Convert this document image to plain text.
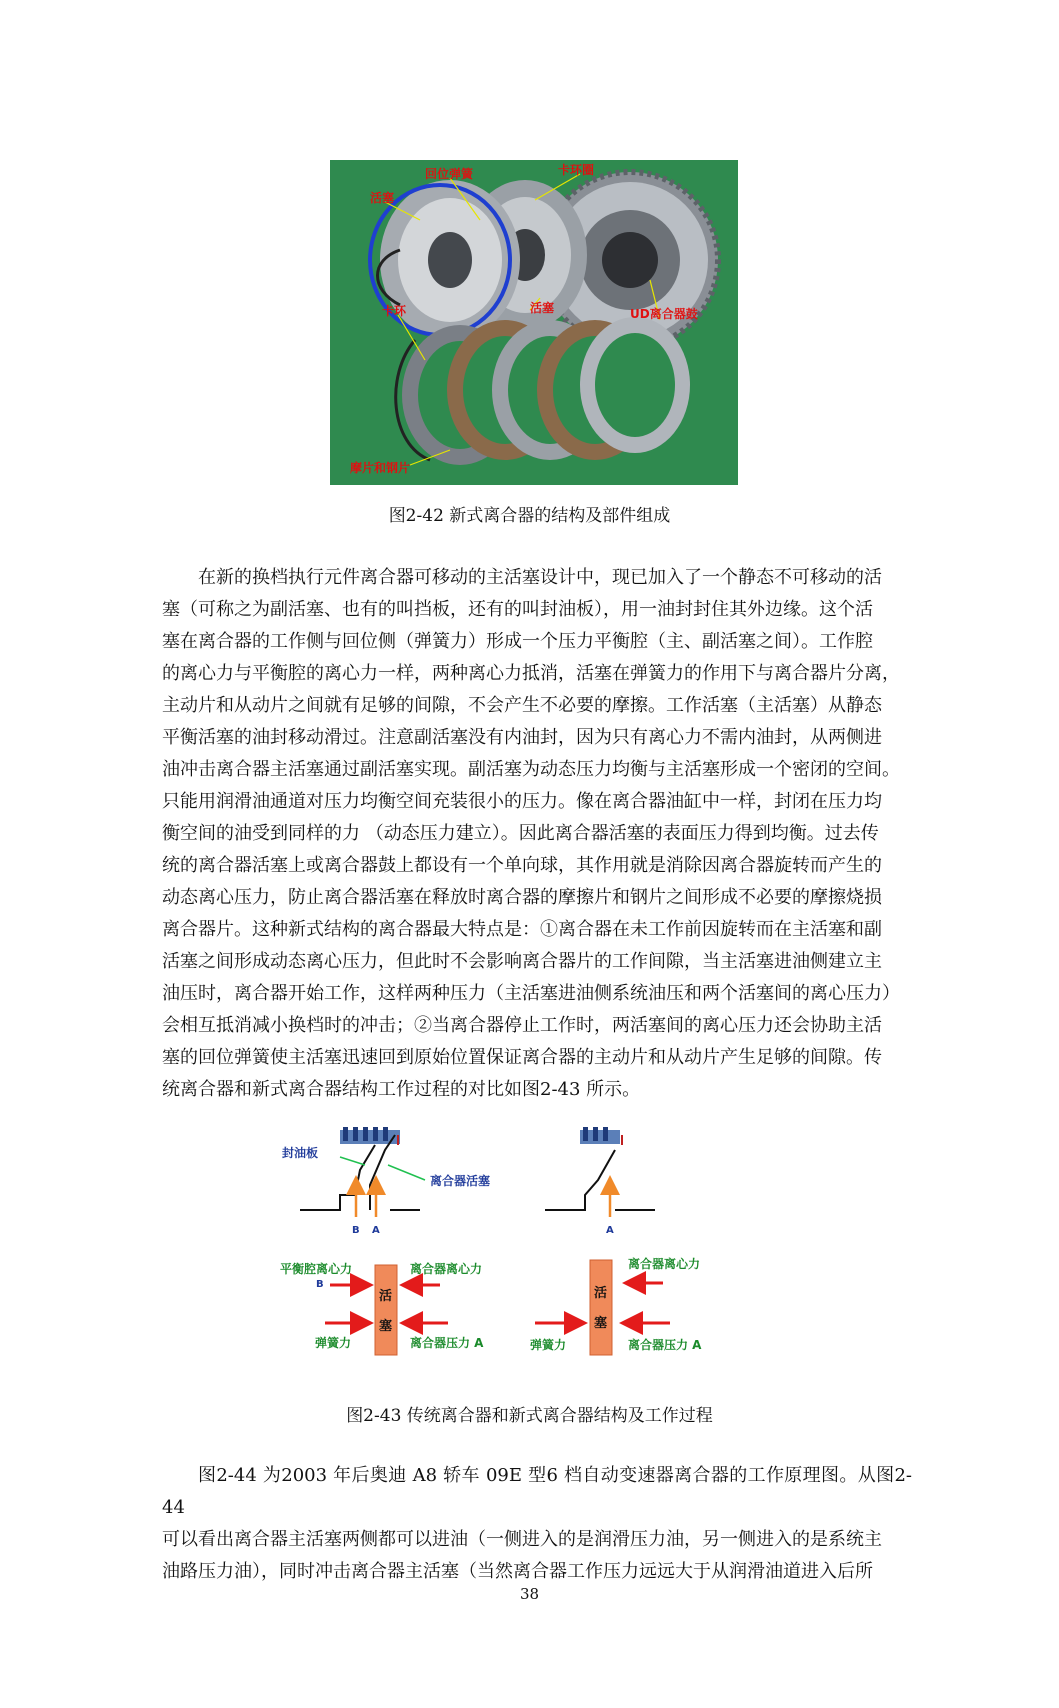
回位弹簧	卡环圈
活塞
卡环	活塞	UD离合器鼓
摩片和钢片
图2-42 新式离合器的结构及部件组成

在新的换档执行元件离合器可移动的主活塞设计中，现已加入了一个静态不可移动的活

塞（可称之为副活塞、也有的叫挡板，还有的叫封油板），用一油封封住其外边缘。这个活

塞在离合器的工作侧与回位侧（弹簧力）形成一个压力平衡腔（主、副活塞之间）。工作腔

的离心力与平衡腔的离心力一样，两种离心力抵消，活塞在弹簧力的作用下与离合器片分离，

主动片和从动片之间就有足够的间隙，不会产生不必要的摩擦。工作活塞（主活塞）从静态

平衡活塞的油封移动滑过。注意副活塞没有内油封，因为只有离心力不需内油封，从两侧进

油冲击离合器主活塞通过副活塞实现。副活塞为动态压力均衡与主活塞形成一个密闭的空间。

只能用润滑油通道对压力均衡空间充装很小的压力。像在离合器油缸中一样，封闭在压力均

衡空间的油受到同样的力 （动态压力建立）。因此离合器活塞的表面压力得到均衡。过去传

统的离合器活塞上或离合器鼓上都设有一个单向球，其作用就是消除因离合器旋转而产生的

动态离心压力，防止离合器活塞在释放时离合器的摩擦片和钢片之间形成不必要的摩擦烧损

离合器片。这种新式结构的离合器最大特点是：①离合器在未工作前因旋转而在主活塞和副

活塞之间形成动态离心压力，但此时不会影响离合器片的工作间隙，当主活塞进油侧建立主

油压时，离合器开始工作，这样两种压力（主活塞进油侧系统油压和两个活塞间的离心压力）

会相互抵消减小换档时的冲击；②当离合器停止工作时，两活塞间的离心压力还会协助主活

塞的回位弹簧使主活塞迅速回到原始位置保证离合器的主动片和从动片产生足够的间隙。传

统离合器和新式离合器结构工作过程的对比如图2-43 所示。

封油板
离合器活塞
B A	A
活
塞
平衡腔离心力
B
离合器离心力
弹簧力	离合器压力 A
活
塞
离合器离心力
弹簧力	离合器压力 A
图2-43 传统离合器和新式离合器结构及工作过程

图2-44 为2003 年后奥迪 A8 轿车 09E 型6 档自动变速器离合器的工作原理图。从图2-44

可以看出离合器主活塞两侧都可以进油（一侧进入的是润滑压力油，另一侧进入的是系统主

油路压力油），同时冲击离合器主活塞（当然离合器工作压力远远大于从润滑油道进入后所

38
